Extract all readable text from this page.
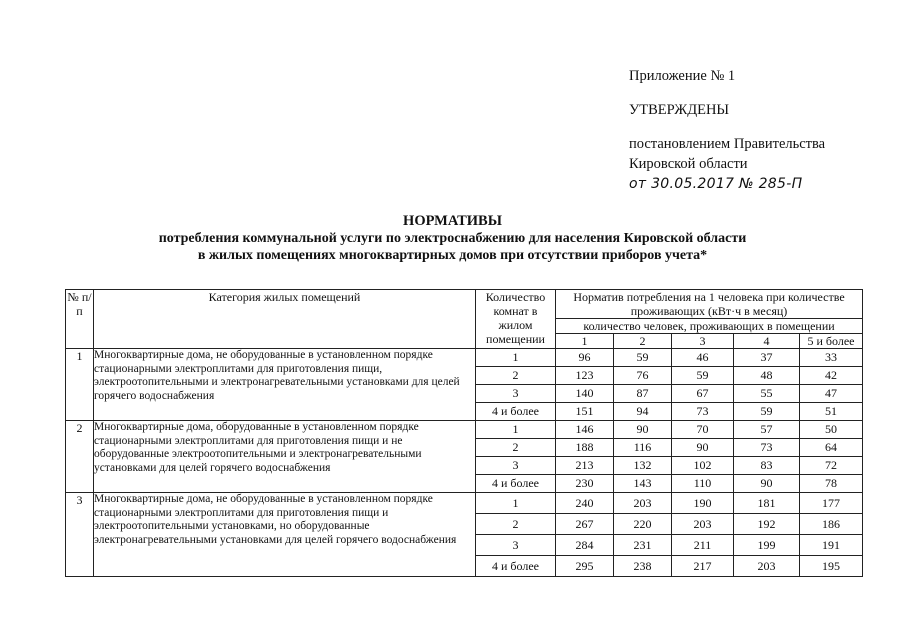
Приложение № 1
УТВЕРЖДЕНЫ
постановлением Правительства
Кировской области
от 30.05.2017 № 285-П
НОРМАТИВЫ
потребления коммунальной услуги по электроснабжению для населения Кировской области
в жилых помещениях многоквартирных домов при отсутствии приборов учета*
№ п/п	Категория жилых помещений	Количество комнат в жилом помещении	Норматив потребления на 1 человека при количестве проживающих (кВт·ч в месяц)				
			количество человек, проживающих в помещении				
			1	2	3	4	5 и более
1	Многоквартирные дома, не оборудованные в установленном порядке стационарными электроплитами для приготовления пищи, электроотопительными и электронагревательными установками для целей горячего водоснабжения	1	96	59	46	37	33
		2	123	76	59	48	42
		3	140	87	67	55	47
		4 и более	151	94	73	59	51
2	Многоквартирные дома, оборудованные в установленном порядке стационарными электроплитами для приготовления пищи и не оборудованные электроотопительными и электронагревательными установками для целей горячего водоснабжения	1	146	90	70	57	50
		2	188	116	90	73	64
		3	213	132	102	83	72
		4 и более	230	143	110	90	78
3	Многоквартирные дома, не оборудованные в установленном порядке стационарными электроплитами для приготовления пищи и электроотопительными установками, но оборудованные электронагревательными установками для целей горячего водоснабжения	1	240	203	190	181	177
		2	267	220	203	192	186
		3	284	231	211	199	191
		4 и более	295	238	217	203	195
